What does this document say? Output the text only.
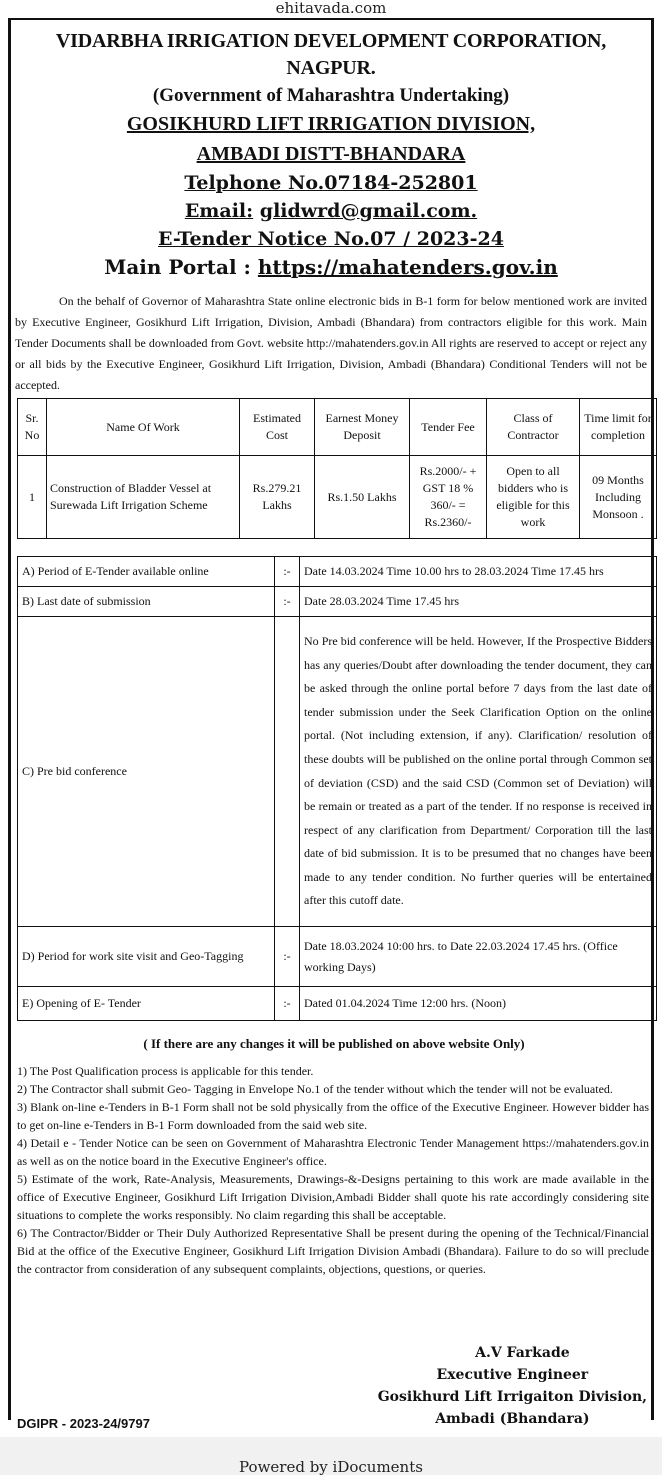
ehitavada.com
VIDARBHA IRRIGATION DEVELOPMENT CORPORATION, NAGPUR.
(Government of Maharashtra Undertaking)
GOSIKHURD LIFT IRRIGATION DIVISION,
AMBADI DISTT-BHANDARA
Telphone No.07184-252801
Email: glidwrd@gmail.com.
E-Tender Notice No.07 / 2023-24
Main Portal : https://mahatenders.gov.in

On the behalf of Governor of Maharashtra State online electronic bids in B-1 form for below mentioned work are invited by Executive Engineer, Gosikhurd Lift Irrigation, Division, Ambadi (Bhandara) from contractors eligible for this work. Main Tender Documents shall be downloaded from Govt. website http://mahatenders.gov.in All rights are reserved to accept or reject any or all bids by the Executive Engineer, Gosikhurd Lift Irrigation, Division, Ambadi (Bhandara) Conditional Tenders will not be accepted.

Sr. No	Name Of Work	Estimated Cost	Earnest Money Deposit	Tender Fee	Class of Contractor	Time limit for completion
1	Construction of Bladder Vessel at Surewada Lift Irrigation Scheme	Rs.279.21 Lakhs	Rs.1.50 Lakhs	Rs.2000/- + GST 18 % 360/- = Rs.2360/-	Open to all bidders who is eligible for this work	09 Months Including Monsoon .
A) Period of E-Tender available online	:-	Date 14.03.2024 Time 10.00 hrs to 28.03.2024 Time 17.45 hrs
B) Last date of submission	:-	Date 28.03.2024 Time 17.45 hrs
C) Pre bid conference		No Pre bid conference will be held. However, If the Prospective Bidders has any queries/Doubt after downloading the tender document, they can be asked through the online portal before 7 days from the last date of tender submission under the Seek Clarification Option on the online portal. (Not including extension, if any). Clarification/ resolution of these doubts will be published on the online portal through Common set of deviation (CSD) and the said CSD (Common set of Deviation) will be remain or treated as a part of the tender. If no response is received in respect of any clarification from Department/ Corporation till the last date of bid submission. It is to be presumed that no changes have been made to any tender condition. No further queries will be entertained after this cutoff date.
D) Period for work site visit and Geo-Tagging	:-	Date 18.03.2024 10:00 hrs. to Date 22.03.2024 17.45 hrs. (Office working Days)
E) Opening of E- Tender	:-	Dated 01.04.2024 Time 12:00 hrs. (Noon)
( If there are any changes it will be published on above website Only)

1) The Post Qualification process is applicable for this tender.

2) The Contractor shall submit Geo- Tagging in Envelope No.1 of the tender without which the tender will not be evaluated.

3) Blank on-line e-Tenders in B-1 Form shall not be sold physically from the office of the Executive Engineer. However bidder has to get on-line e-Tenders in B-1 Form downloaded from the said web site.

4) Detail e - Tender Notice can be seen on Government of Maharashtra Electronic Tender Management https://mahatenders.gov.in as well as on the notice board in the Executive Engineer's office.

5) Estimate of the work, Rate-Analysis, Measurements, Drawings-&-Designs pertaining to this work are made available in the office of Executive Engineer, Gosikhurd Lift Irrigation Division,Ambadi Bidder shall quote his rate accordingly considering site situations to complete the works responsibly. No claim regarding this shall be acceptable.

6) The Contractor/Bidder or Their Duly Authorized Representative Shall be present during the opening of the Technical/Financial Bid at the office of the Executive Engineer, Gosikhurd Lift Irrigation Division Ambadi (Bhandara). Failure to do so will preclude the contractor from consideration of any subsequent complaints, objections, questions, or queries.

A.V Farkade
Executive Engineer
Gosikhurd Lift Irrigaiton Division,
Ambadi (Bhandara)
DGIPR - 2023-24/9797
Powered by iDocuments
